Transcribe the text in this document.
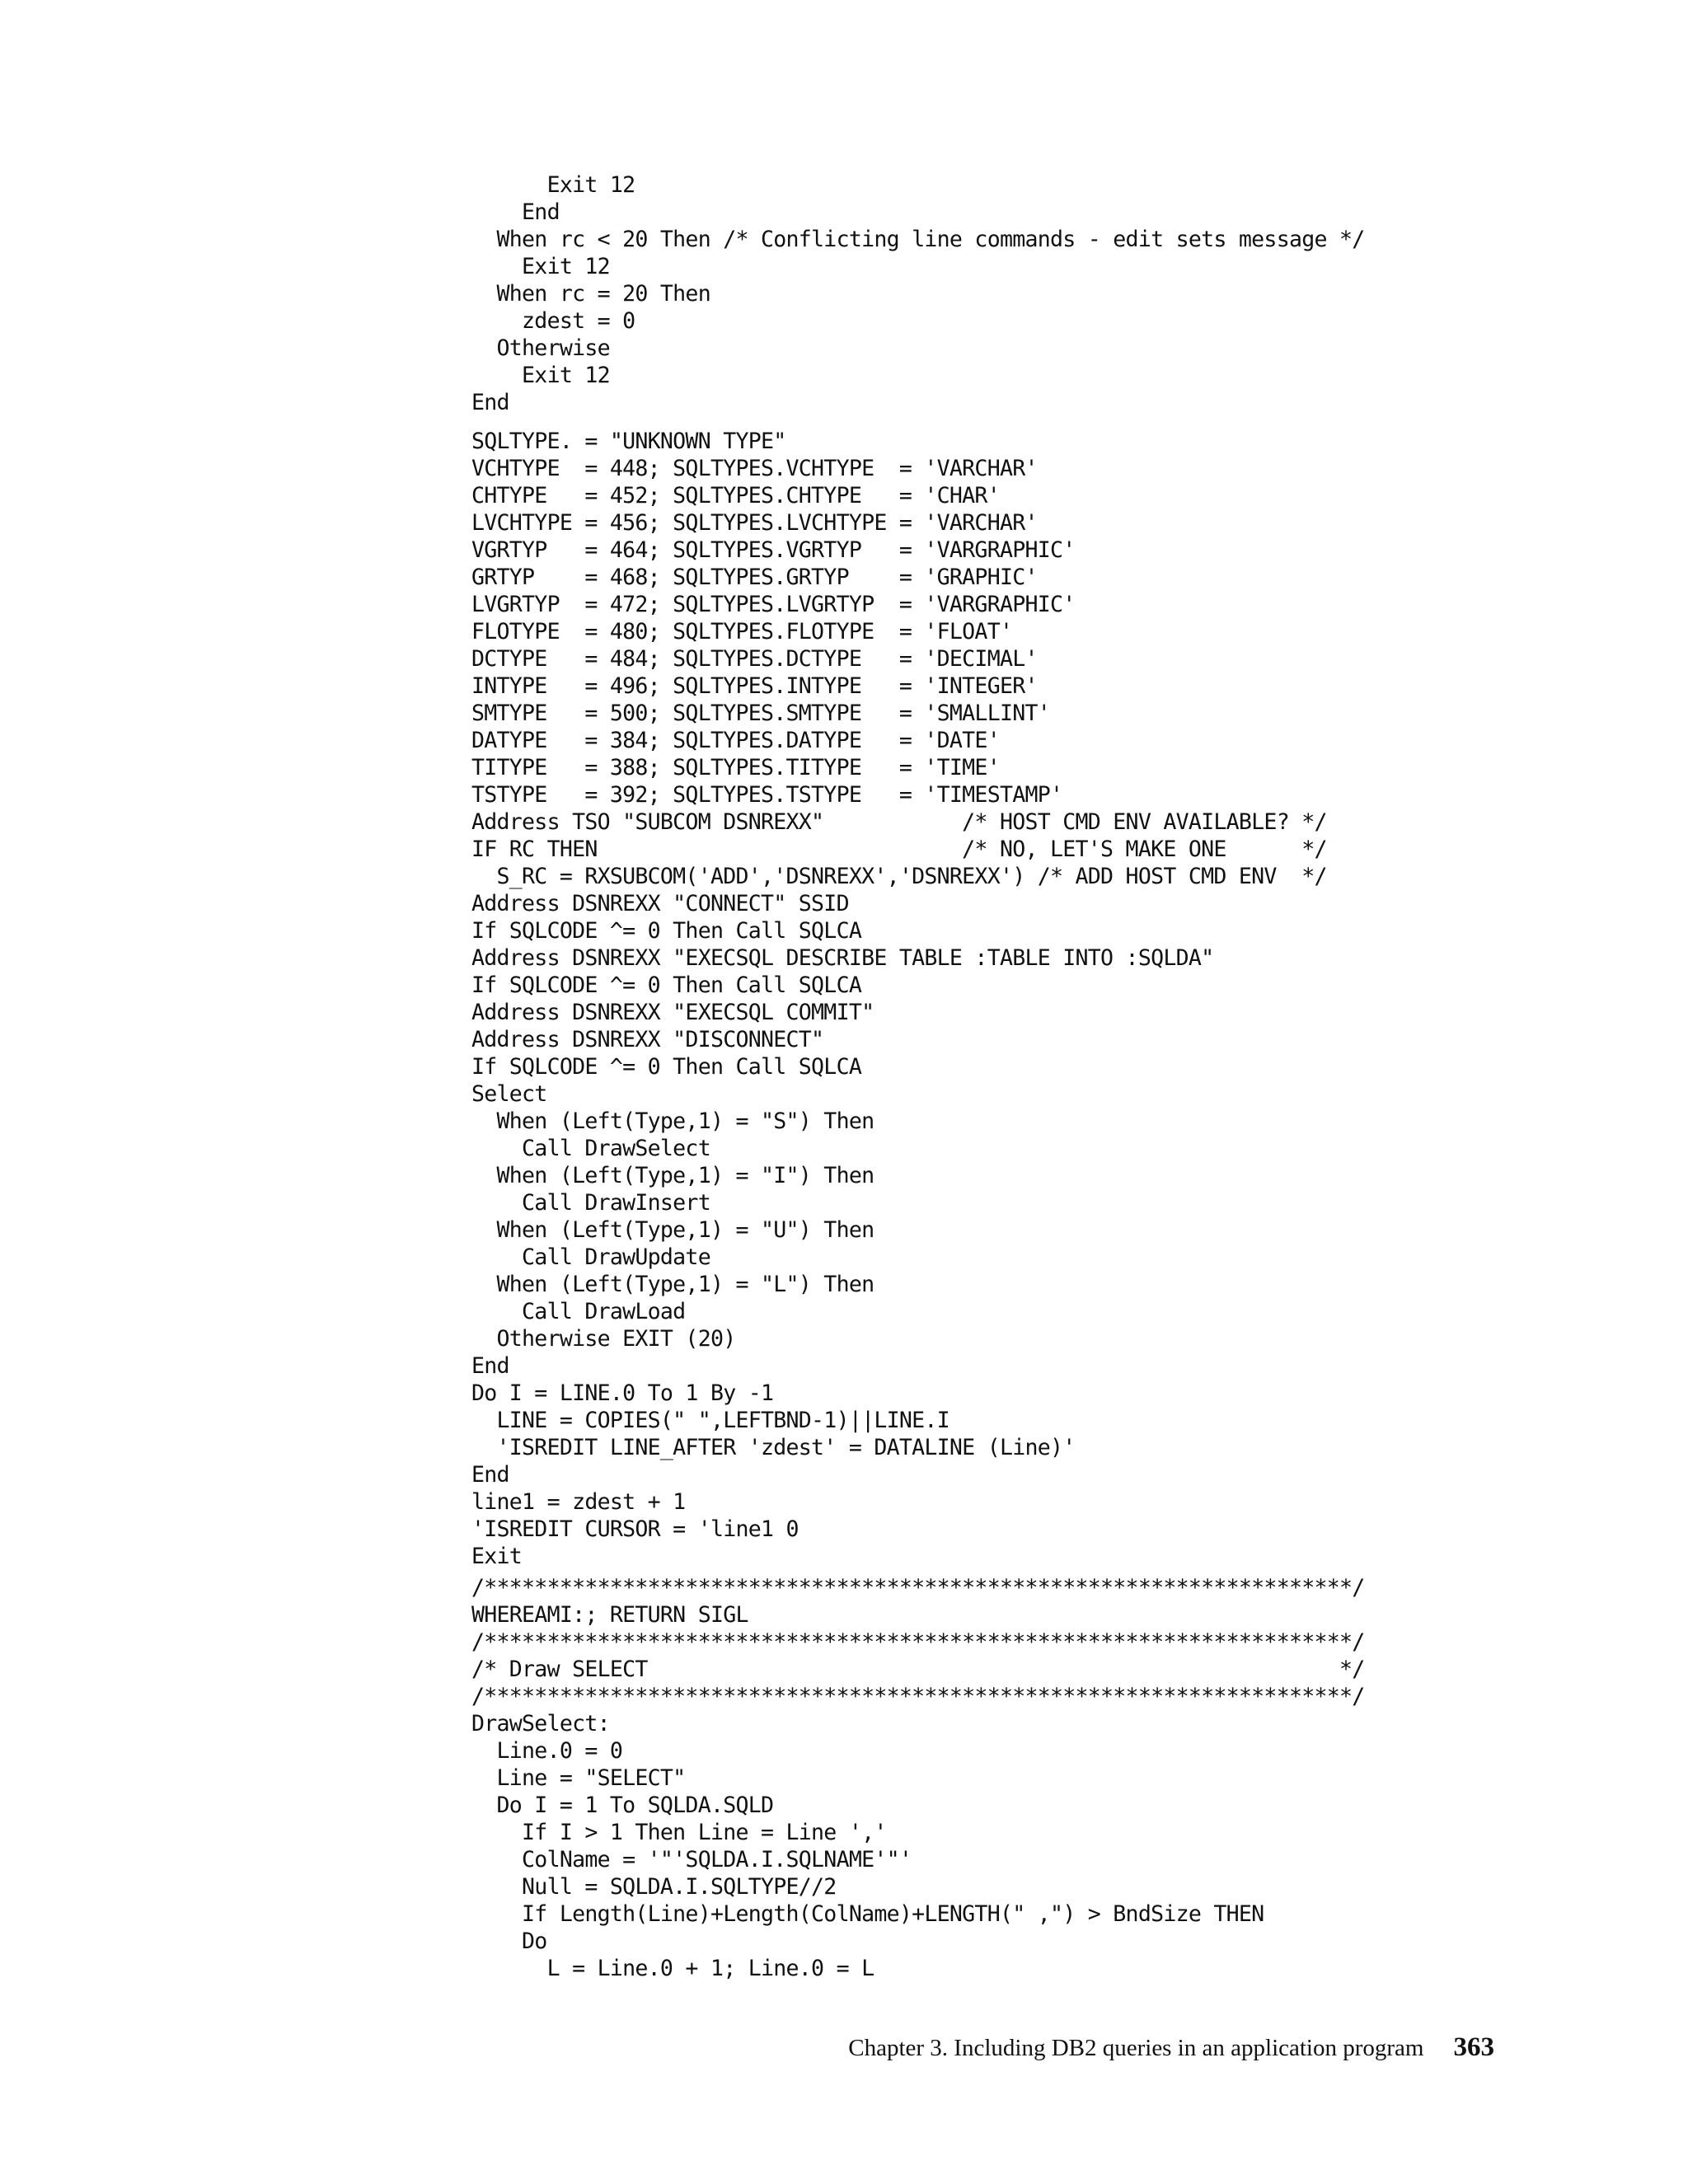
Exit 12
End
When rc < 20 Then /* Conflicting line commands - edit sets message */
Exit 12
When rc = 20 Then
zdest = 0
Otherwise
Exit 12
End
SQLTYPE. = "UNKNOWN TYPE"
VCHTYPE  = 448; SQLTYPES.VCHTYPE  = 'VARCHAR'
CHTYPE   = 452; SQLTYPES.CHTYPE   = 'CHAR'
LVCHTYPE = 456; SQLTYPES.LVCHTYPE = 'VARCHAR'
VGRTYP   = 464; SQLTYPES.VGRTYP   = 'VARGRAPHIC'
GRTYP    = 468; SQLTYPES.GRTYP    = 'GRAPHIC'
LVGRTYP  = 472; SQLTYPES.LVGRTYP  = 'VARGRAPHIC'
FLOTYPE  = 480; SQLTYPES.FLOTYPE  = 'FLOAT'
DCTYPE   = 484; SQLTYPES.DCTYPE   = 'DECIMAL'
INTYPE   = 496; SQLTYPES.INTYPE   = 'INTEGER'
SMTYPE   = 500; SQLTYPES.SMTYPE   = 'SMALLINT'
DATYPE   = 384; SQLTYPES.DATYPE   = 'DATE'
TITYPE   = 388; SQLTYPES.TITYPE   = 'TIME'
TSTYPE   = 392; SQLTYPES.TSTYPE   = 'TIMESTAMP'
Address TSO "SUBCOM DSNREXX"           /* HOST CMD ENV AVAILABLE? */
IF RC THEN                             /* NO, LET'S MAKE ONE      */
S_RC = RXSUBCOM('ADD','DSNREXX','DSNREXX') /* ADD HOST CMD ENV  */
Address DSNREXX "CONNECT" SSID
If SQLCODE ^= 0 Then Call SQLCA
Address DSNREXX "EXECSQL DESCRIBE TABLE :TABLE INTO :SQLDA"
If SQLCODE ^= 0 Then Call SQLCA
Address DSNREXX "EXECSQL COMMIT"
Address DSNREXX "DISCONNECT"
If SQLCODE ^= 0 Then Call SQLCA
Select
When (Left(Type,1) = "S") Then
Call DrawSelect
When (Left(Type,1) = "I") Then
Call DrawInsert
When (Left(Type,1) = "U") Then
Call DrawUpdate
When (Left(Type,1) = "L") Then
Call DrawLoad
Otherwise EXIT (20)
End
Do I = LINE.0 To 1 By -1
LINE = COPIES(" ",LEFTBND-1)||LINE.I
'ISREDIT LINE_AFTER 'zdest' = DATALINE (Line)'
End
line1 = zdest + 1
'ISREDIT CURSOR = 'line1 0
Exit
/*********************************************************************/
WHEREAMI:; RETURN SIGL
/*********************************************************************/
/* Draw SELECT                                                       */
/*********************************************************************/
DrawSelect:
Line.0 = 0
Line = "SELECT"
Do I = 1 To SQLDA.SQLD
If I > 1 Then Line = Line ','
ColName = '"'SQLDA.I.SQLNAME'"'
Null = SQLDA.I.SQLTYPE//2
If Length(Line)+Length(ColName)+LENGTH(" ,") > BndSize THEN
Do
L = Line.0 + 1; Line.0 = L
Chapter 3. Including DB2 queries in an application program 363
